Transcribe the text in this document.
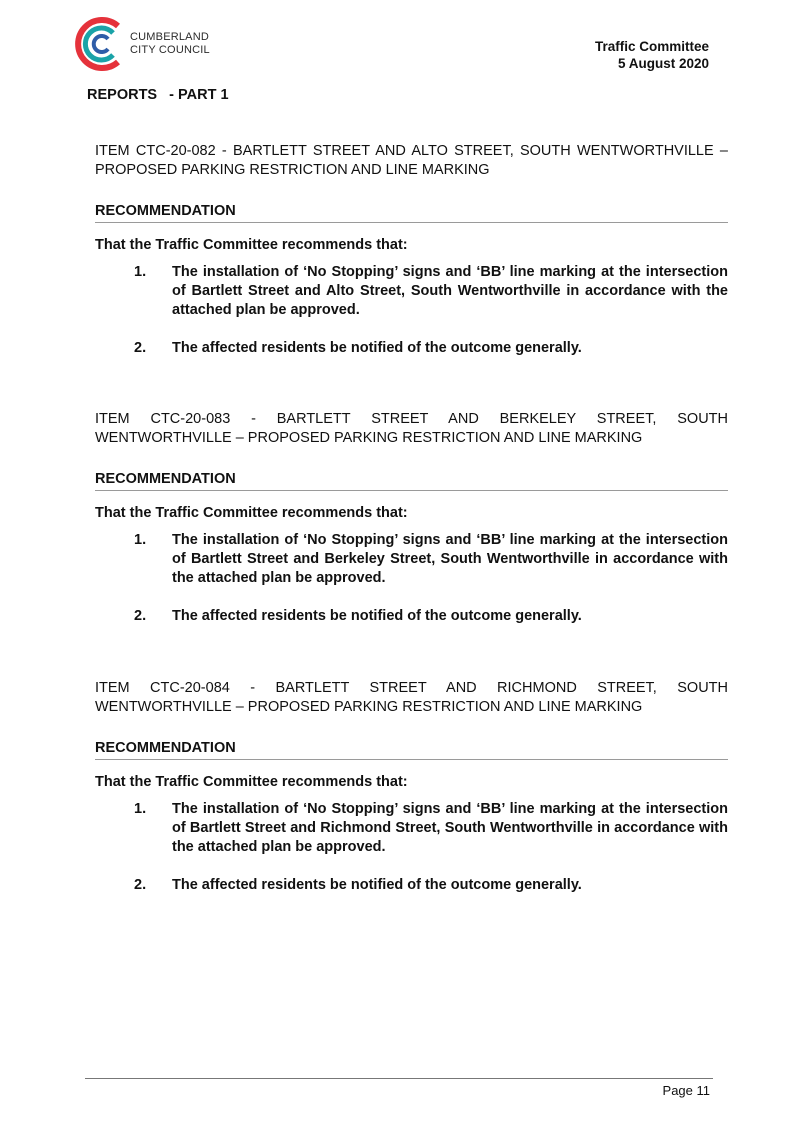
CUMBERLAND
CITY COUNCIL	Traffic Committee
5 August 2020
REPORTS   - PART 1

ITEM CTC-20-082 - BARTLETT STREET AND ALTO STREET, SOUTH WENTWORTHVILLE – PROPOSED PARKING RESTRICTION AND LINE MARKING

RECOMMENDATION
That the Traffic Committee recommends that:
1. The installation of ‘No Stopping’ signs and ‘BB’ line marking at the intersection of Bartlett Street and Alto Street, South Wentworthville in accordance with the attached plan be approved.
2. The affected residents be notified of the outcome generally.

ITEM CTC-20-083 - BARTLETT STREET AND BERKELEY STREET, SOUTH WENTWORTHVILLE – PROPOSED PARKING RESTRICTION AND LINE MARKING

RECOMMENDATION
That the Traffic Committee recommends that:
1. The installation of ‘No Stopping’ signs and ‘BB’ line marking at the intersection of Bartlett Street and Berkeley Street, South Wentworthville in accordance with the attached plan be approved.
2. The affected residents be notified of the outcome generally.

ITEM CTC-20-084 - BARTLETT STREET AND RICHMOND STREET, SOUTH WENTWORTHVILLE – PROPOSED PARKING RESTRICTION AND LINE MARKING

RECOMMENDATION
That the Traffic Committee recommends that:
1. The installation of ‘No Stopping’ signs and ‘BB’ line marking at the intersection of Bartlett Street and Richmond Street, South Wentworthville in accordance with the attached plan be approved.
2. The affected residents be notified of the outcome generally.
Page 11
